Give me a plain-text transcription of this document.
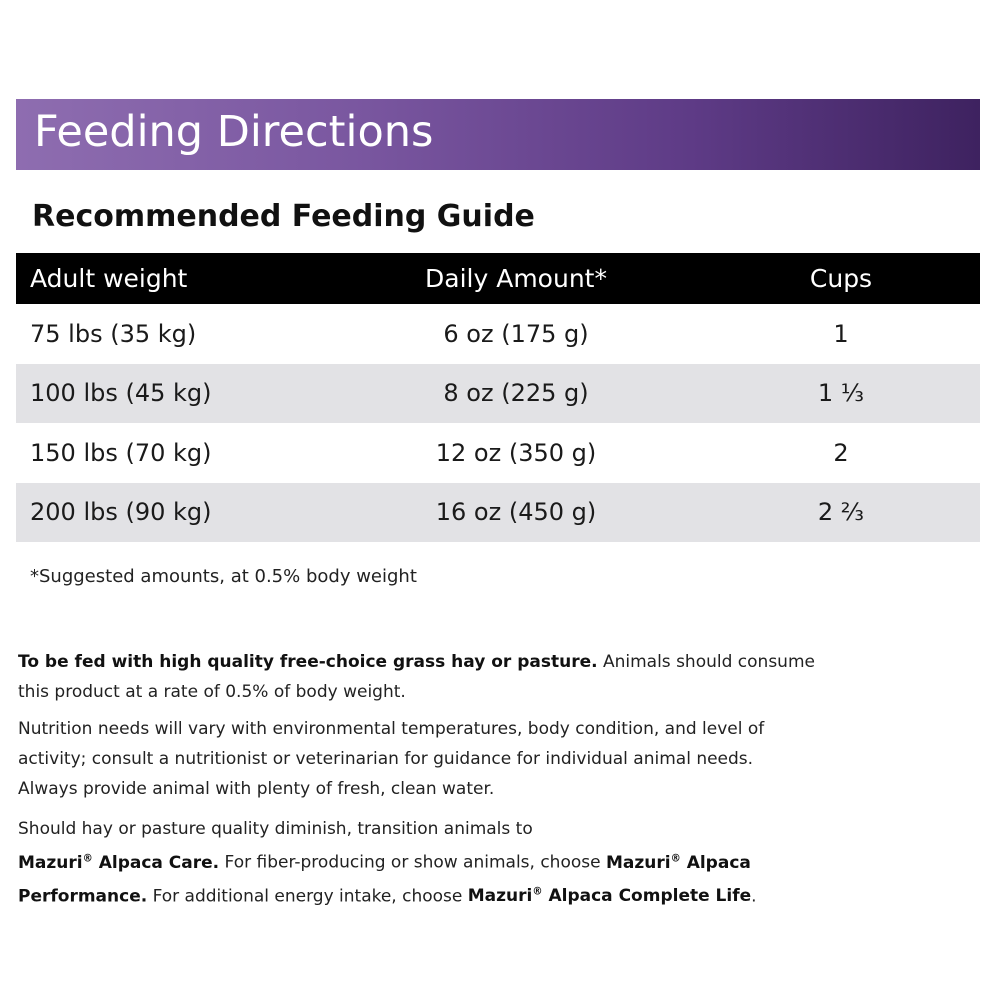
Feeding Directions
Recommended Feeding Guide
Adult weight	Daily Amount*	Cups
75 lbs (35 kg)	6 oz (175 g)	1
100 lbs (45 kg)	8 oz (225 g)	1 ⅓
150 lbs (70 kg)	12 oz (350 g)	2
200 lbs (90 kg)	16 oz (450 g)	2 ⅔
*Suggested amounts, at 0.5% body weight
To be fed with high quality free-choice grass hay or pasture. Animals should consume
this product at a rate of 0.5% of body weight.
Nutrition needs will vary with environmental temperatures, body condition, and level of
activity; consult a nutritionist or veterinarian for guidance for individual animal needs.
Always provide animal with plenty of fresh, clean water.
Should hay or pasture quality diminish, transition animals to
Mazuri® Alpaca Care. For fiber-producing or show animals, choose Mazuri® Alpaca
Performance. For additional energy intake, choose Mazuri® Alpaca Complete Life.
